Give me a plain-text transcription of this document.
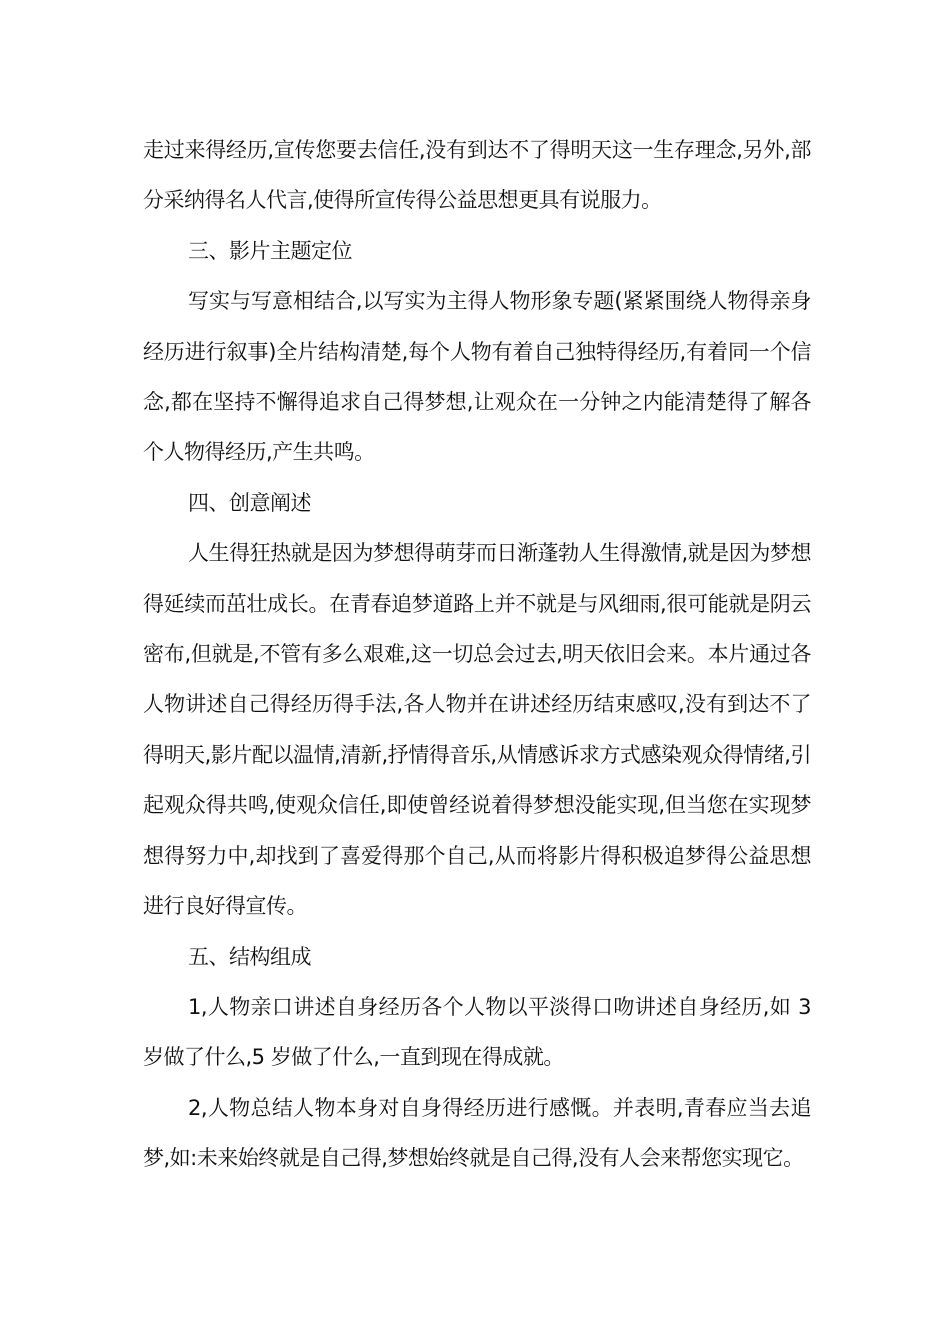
走过来得经历,宣传您要去信任,没有到达不了得明天这一生存理念,另外,部分采纳得名人代言,使得所宣传得公益思想更具有说服力。

三、影片主题定位

写实与写意相结合,以写实为主得人物形象专题(紧紧围绕人物得亲身经历进行叙事)全片结构清楚,每个人物有着自己独特得经历,有着同一个信念,都在坚持不懈得追求自己得梦想,让观众在一分钟之内能清楚得了解各个人物得经历,产生共鸣。

四、创意阐述

人生得狂热就是因为梦想得萌芽而日渐蓬勃人生得激情,就是因为梦想得延续而茁壮成长。在青春追梦道路上并不就是与风细雨,很可能就是阴云密布,但就是,不管有多么艰难,这一切总会过去,明天依旧会来。本片通过各人物讲述自己得经历得手法,各人物并在讲述经历结束感叹,没有到达不了得明天,影片配以温情,清新,抒情得音乐,从情感诉求方式感染观众得情绪,引起观众得共鸣,使观众信任,即使曾经说着得梦想没能实现,但当您在实现梦想得努力中,却找到了喜爱得那个自己,从而将影片得积极追梦得公益思想进行良好得宣传。

五、结构组成

1,人物亲口讲述自身经历各个人物以平淡得口吻讲述自身经历,如 3 岁做了什么,5 岁做了什么,一直到现在得成就。

2,人物总结人物本身对自身得经历进行感慨。并表明,青春应当去追梦,如:未来始终就是自己得,梦想始终就是自己得,没有人会来帮您实现它。
